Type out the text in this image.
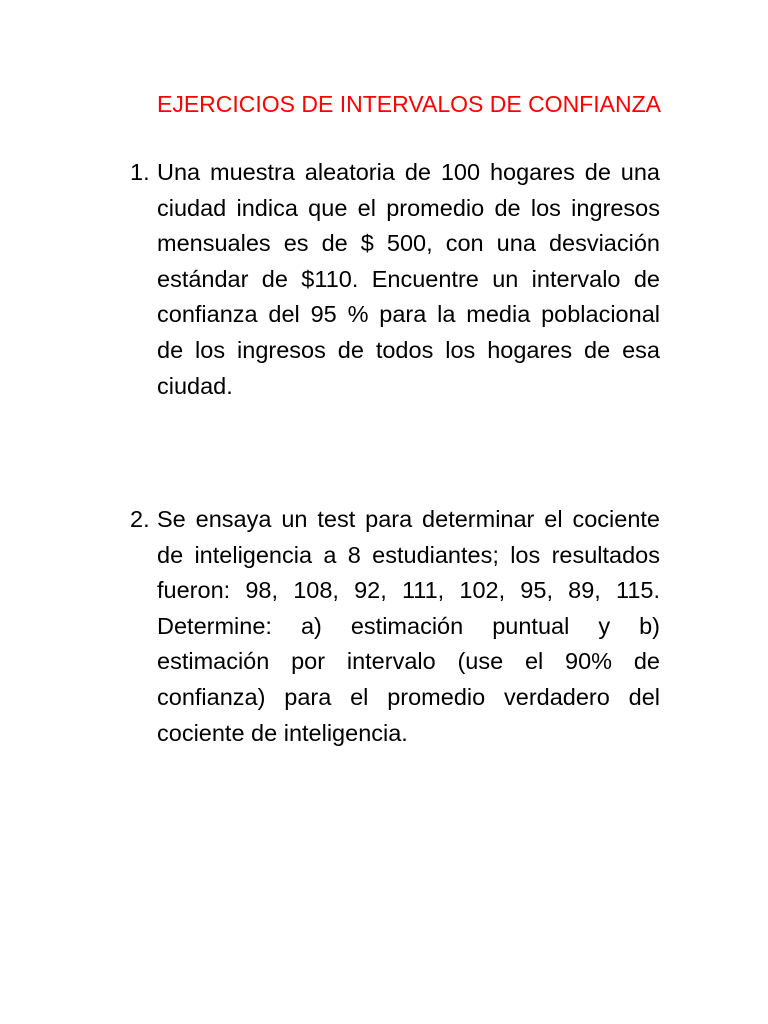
EJERCICIOS DE INTERVALOS DE CONFIANZA
1. Una muestra aleatoria de 100 hogares de una ciudad indica que el promedio de los ingresos mensuales es de $ 500, con una desviación estándar de $110. Encuentre un intervalo de confianza del 95 % para la media poblacional de los ingresos de todos los hogares de esa ciudad.
2. Se ensaya un test para determinar el cociente de inteligencia a 8 estudiantes; los resultados fueron: 98, 108, 92, 111, 102, 95, 89, 115. Determine: a) estimación puntual y b) estimación por intervalo (use el 90% de confianza) para el promedio verdadero del cociente de inteligencia.
